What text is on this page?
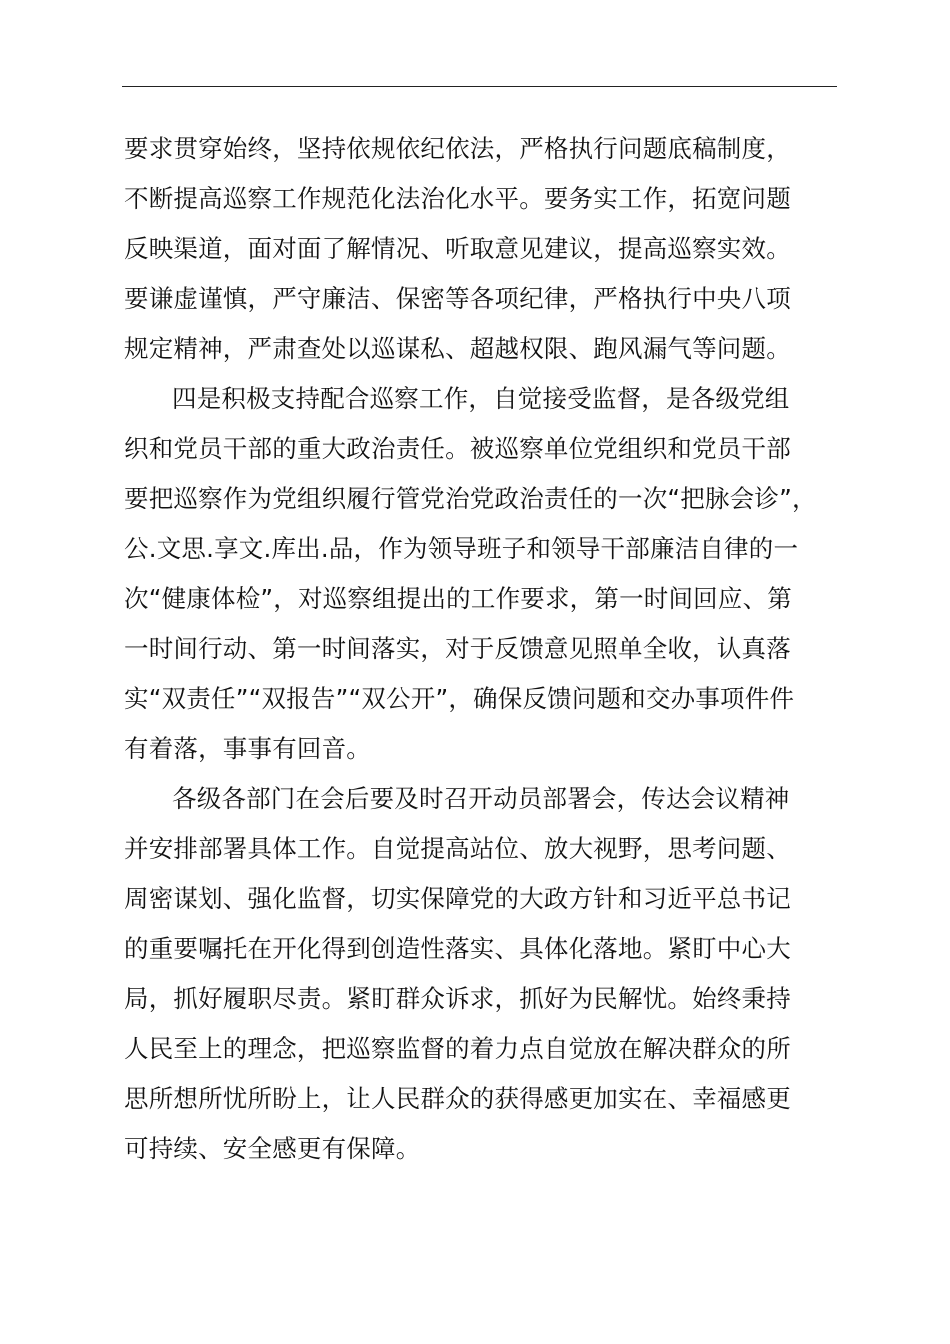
要求贯穿始终，坚持依规依纪依法，严格执行问题底稿制度，
不断提高巡察工作规范化法治化水平。要务实工作，拓宽问题
反映渠道，面对面了解情况、听取意见建议，提高巡察实效。
要谦虚谨慎，严守廉洁、保密等各项纪律，严格执行中央八项
规定精神，严肃查处以巡谋私、超越权限、跑风漏气等问题。
四是积极支持配合巡察工作，自觉接受监督，是各级党组
织和党员干部的重大政治责任。被巡察单位党组织和党员干部
要把巡察作为党组织履行管党治党政治责任的一次“把脉会诊”，
公.文思.享文.库出.品，作为领导班子和领导干部廉洁自律的一
次“健康体检”，对巡察组提出的工作要求，第一时间回应、第
一时间行动、第一时间落实，对于反馈意见照单全收，认真落
实“双责任”“双报告”“双公开”，确保反馈问题和交办事项件件
有着落，事事有回音。
各级各部门在会后要及时召开动员部署会，传达会议精神
并安排部署具体工作。自觉提高站位、放大视野，思考问题、
周密谋划、强化监督，切实保障党的大政方针和习近平总书记
的重要嘱托在开化得到创造性落实、具体化落地。紧盯中心大
局，抓好履职尽责。紧盯群众诉求，抓好为民解忧。始终秉持
人民至上的理念，把巡察监督的着力点自觉放在解决群众的所
思所想所忧所盼上，让人民群众的获得感更加实在、幸福感更
可持续、安全感更有保障。
